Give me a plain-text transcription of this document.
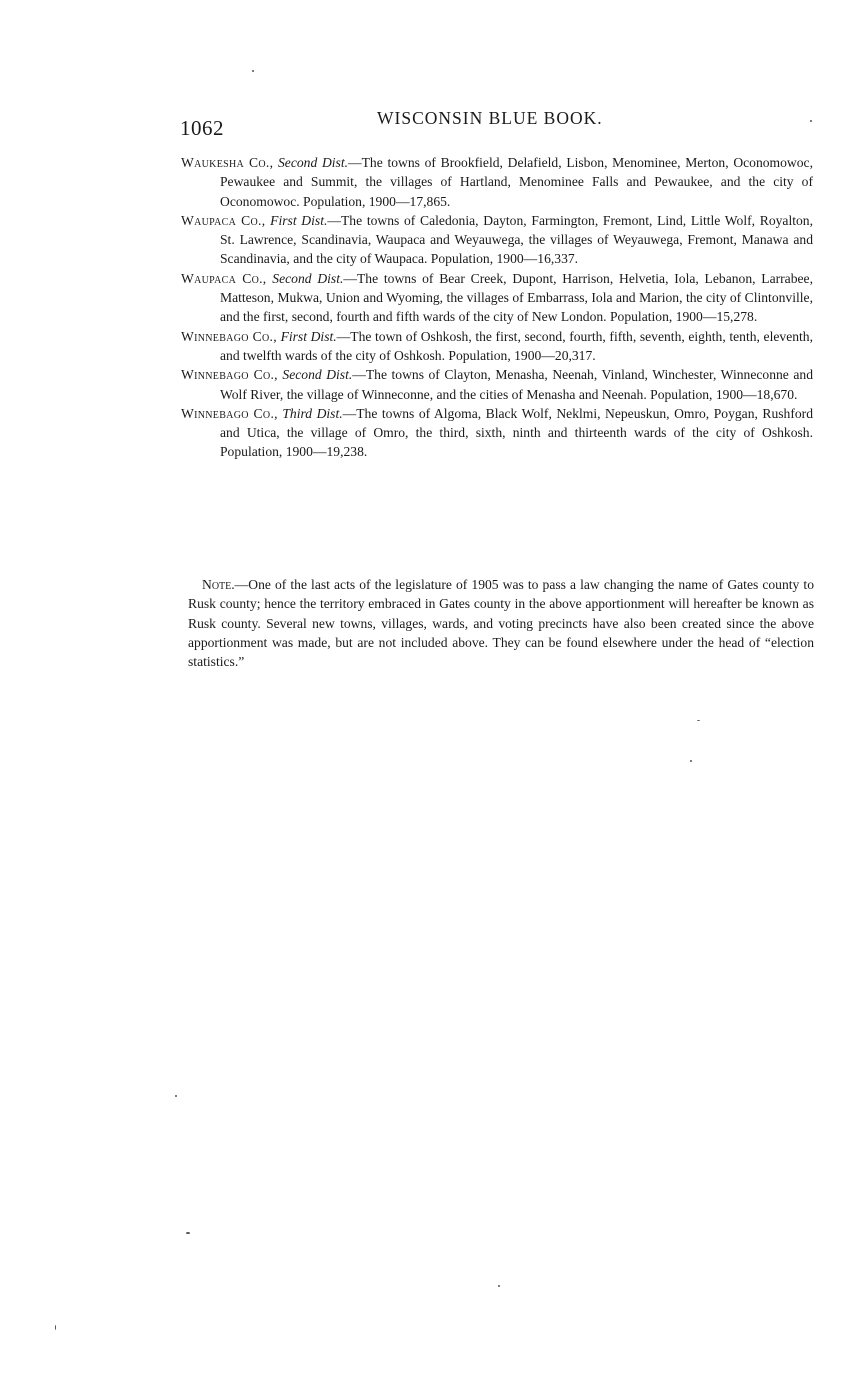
1062	WISCONSIN BLUE BOOK.
Waukesha Co., Second Dist.—The towns of Brookfield, Delafield, Lisbon, Menominee, Merton, Oconomowoc, Pewaukee and Summit, the villages of Hartland, Menominee Falls and Pewaukee, and the city of Oconomowoc. Population, 1900—17,865.
Waupaca Co., First Dist.—The towns of Caledonia, Dayton, Farmington, Fremont, Lind, Little Wolf, Royalton, St. Lawrence, Scandinavia, Waupaca and Weyauwega, the villages of Weyauwega, Fremont, Manawa and Scandinavia, and the city of Waupaca. Population, 1900—16,337.
Waupaca Co., Second Dist.—The towns of Bear Creek, Dupont, Harrison, Helvetia, Iola, Lebanon, Larrabee, Matteson, Mukwa, Union and Wyoming, the villages of Embarrass, Iola and Marion, the city of Clintonville, and the first, second, fourth and fifth wards of the city of New London. Population, 1900—15,278.
Winnebago Co., First Dist.—The town of Oshkosh, the first, second, fourth, fifth, seventh, eighth, tenth, eleventh, and twelfth wards of the city of Oshkosh. Population, 1900—20,317.
Winnebago Co., Second Dist.—The towns of Clayton, Menasha, Neenah, Vinland, Winchester, Winneconne and Wolf River, the village of Winneconne, and the cities of Menasha and Neenah. Population, 1900—18,670.
Winnebago Co., Third Dist.—The towns of Algoma, Black Wolf, Neklmi, Nepeuskun, Omro, Poygan, Rushford and Utica, the village of Omro, the third, sixth, ninth and thirteenth wards of the city of Oshkosh. Population, 1900—19,238.

Note.—One of the last acts of the legislature of 1905 was to pass a law changing the name of Gates county to Rusk county; hence the territory embraced in Gates county in the above apportionment will hereafter be known as Rusk county. Several new towns, villages, wards, and voting precincts have also been created since the above apportionment was made, but are not included above. They can be found elsewhere under the head of “election statistics.”
